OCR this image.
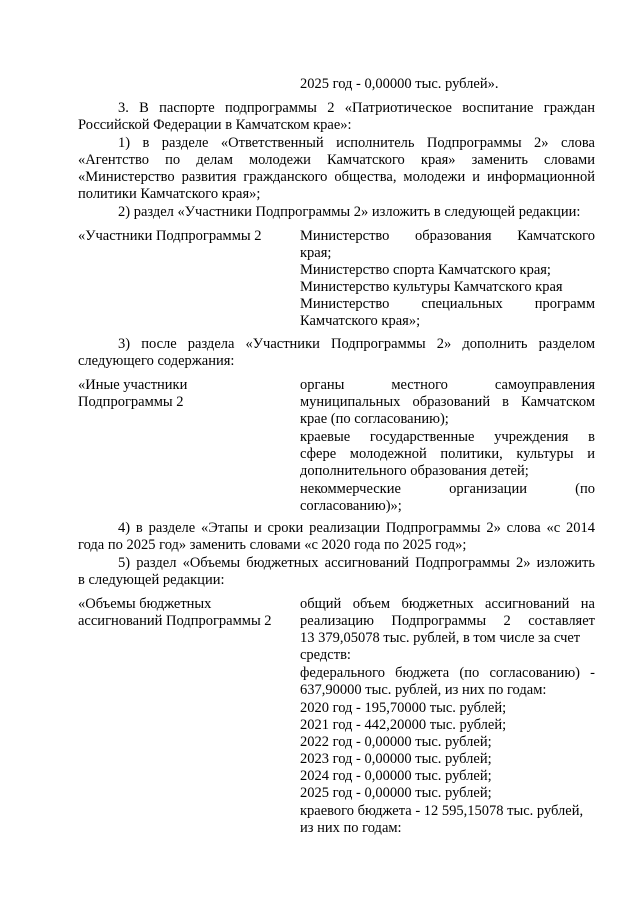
2025 год - 0,00000 тыс. рублей».
3. В паспорте подпрограммы 2 «Патриотическое воспитание граждан
Российской Федерации в Камчатском крае»:
1) в разделе «Ответственный исполнитель Подпрограммы 2» слова
«Агентство по делам молодежи Камчатского края» заменить словами
«Министерство развития гражданского общества, молодежи и информационной
политики Камчатского края»;
2) раздел «Участники Подпрограммы 2» изложить в следующей редакции:
«Участники Подпрограммы 2	Министерство образования Камчатского
края;
Министерство спорта Камчатского края;
Министерство культуры Камчатского края
Министерство специальных программ
Камчатского края»;
3) после раздела «Участники Подпрограммы 2» дополнить разделом
следующего содержания:
«Иные участники
Подпрограммы 2
органы местного самоуправления
муниципальных образований в Камчатском
крае (по согласованию);
краевые государственные учреждения в
сфере молодежной политики, культуры и
дополнительного образования детей;
некоммерческие организации (по
согласованию)»;
4) в разделе «Этапы и сроки реализации Подпрограммы 2» слова «с 2014
года по 2025 год» заменить словами «с 2020 года по 2025 год»;
5) раздел «Объемы бюджетных ассигнований Подпрограммы 2» изложить
в следующей редакции:
«Объемы бюджетных
ассигнований Подпрограммы 2
общий объем бюджетных ассигнований на
реализацию Подпрограммы 2 составляет
13 379,05078 тыс. рублей, в том числе за счет
средств:
федерального бюджета (по согласованию) -
637,90000 тыс. рублей, из них по годам:
2020 год - 195,70000 тыс. рублей;
2021 год - 442,20000 тыс. рублей;
2022 год - 0,00000 тыс. рублей;
2023 год - 0,00000 тыс. рублей;
2024 год - 0,00000 тыс. рублей;
2025 год - 0,00000 тыс. рублей;
краевого бюджета - 12 595,15078 тыс. рублей,
из них по годам:
